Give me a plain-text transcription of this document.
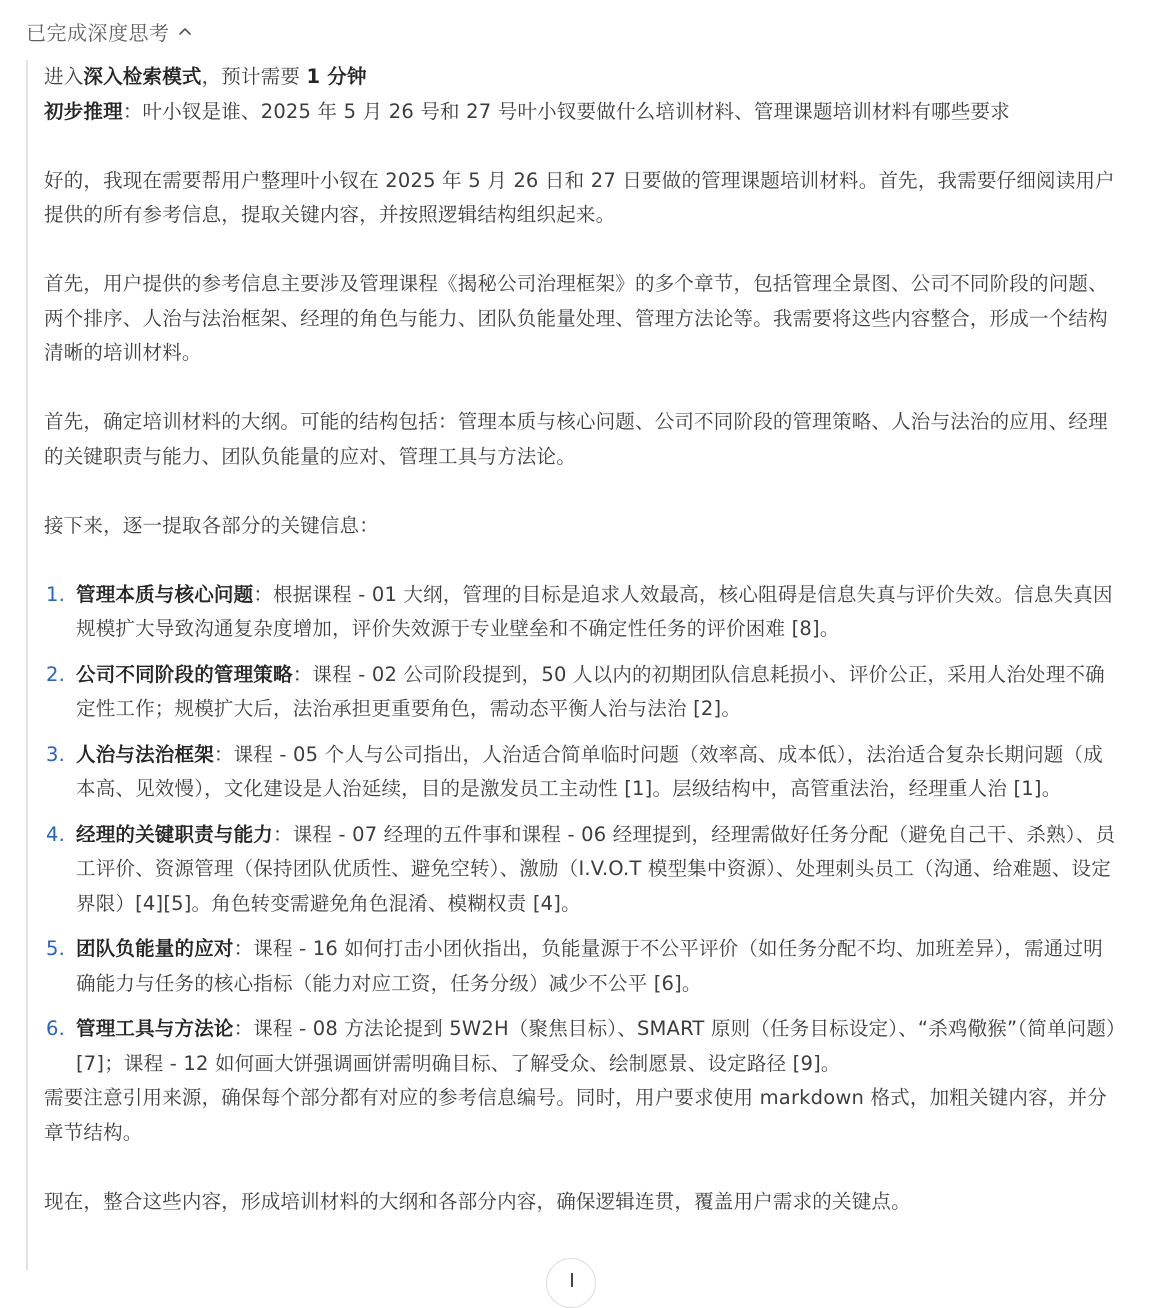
已完成深度思考

进入深入检索模式，预计需要 1 分钟

初步推理：叶小钗是谁、2025 年 5 月 26 号和 27 号叶小钗要做什么培训材料、管理课题培训材料有哪些要求

好的，我现在需要帮用户整理叶小钗在 2025 年 5 月 26 日和 27 日要做的管理课题培训材料。首先，我需要仔细阅读用户提供的所有参考信息，提取关键内容，并按照逻辑结构组织起来。

首先，用户提供的参考信息主要涉及管理课程《揭秘公司治理框架》的多个章节，包括管理全景图、公司不同阶段的问题、两个排序、人治与法治框架、经理的角色与能力、团队负能量处理、管理方法论等。我需要将这些内容整合，形成一个结构清晰的培训材料。

首先，确定培训材料的大纲。可能的结构包括：管理本质与核心问题、公司不同阶段的管理策略、人治与法治的应用、经理的关键职责与能力、团队负能量的应对、管理工具与方法论。

接下来，逐一提取各部分的关键信息：

1. 管理本质与核心问题：根据课程 - 01 大纲，管理的目标是追求人效最高，核心阻碍是信息失真与评价失效。信息失真因规模扩大导致沟通复杂度增加，评价失效源于专业壁垒和不确定性任务的评价困难 [8]。
2. 公司不同阶段的管理策略：课程 - 02 公司阶段提到，50 人以内的初期团队信息耗损小、评价公正，采用人治处理不确定性工作；规模扩大后，法治承担更重要角色，需动态平衡人治与法治 [2]。
3. 人治与法治框架：课程 - 05 个人与公司指出，人治适合简单临时问题（效率高、成本低），法治适合复杂长期问题（成本高、见效慢），文化建设是人治延续，目的是激发员工主动性 [1]。层级结构中，高管重法治，经理重人治 [1]。
4. 经理的关键职责与能力：课程 - 07 经理的五件事和课程 - 06 经理提到，经理需做好任务分配（避免自己干、杀熟）、员工评价、资源管理（保持团队优质性、避免空转）、激励（I.V.O.T 模型集中资源）、处理刺头员工（沟通、给难题、设定界限）[4][5]。角色转变需避免角色混淆、模糊权责 [4]。
5. 团队负能量的应对：课程 - 16 如何打击小团伙指出，负能量源于不公平评价（如任务分配不均、加班差异），需通过明确能力与任务的核心指标（能力对应工资，任务分级）减少不公平 [6]。
6. 管理工具与方法论：课程 - 08 方法论提到 5W2H（聚焦目标）、SMART 原则（任务目标设定）、“杀鸡儆猴”（简单问题）[7]；课程 - 12 如何画大饼强调画饼需明确目标、了解受众、绘制愿景、设定路径 [9]。

需要注意引用来源，确保每个部分都有对应的参考信息编号。同时，用户要求使用 markdown 格式，加粗关键内容，并分章节结构。

现在，整合这些内容，形成培训材料的大纲和各部分内容，确保逻辑连贯，覆盖用户需求的关键点。
